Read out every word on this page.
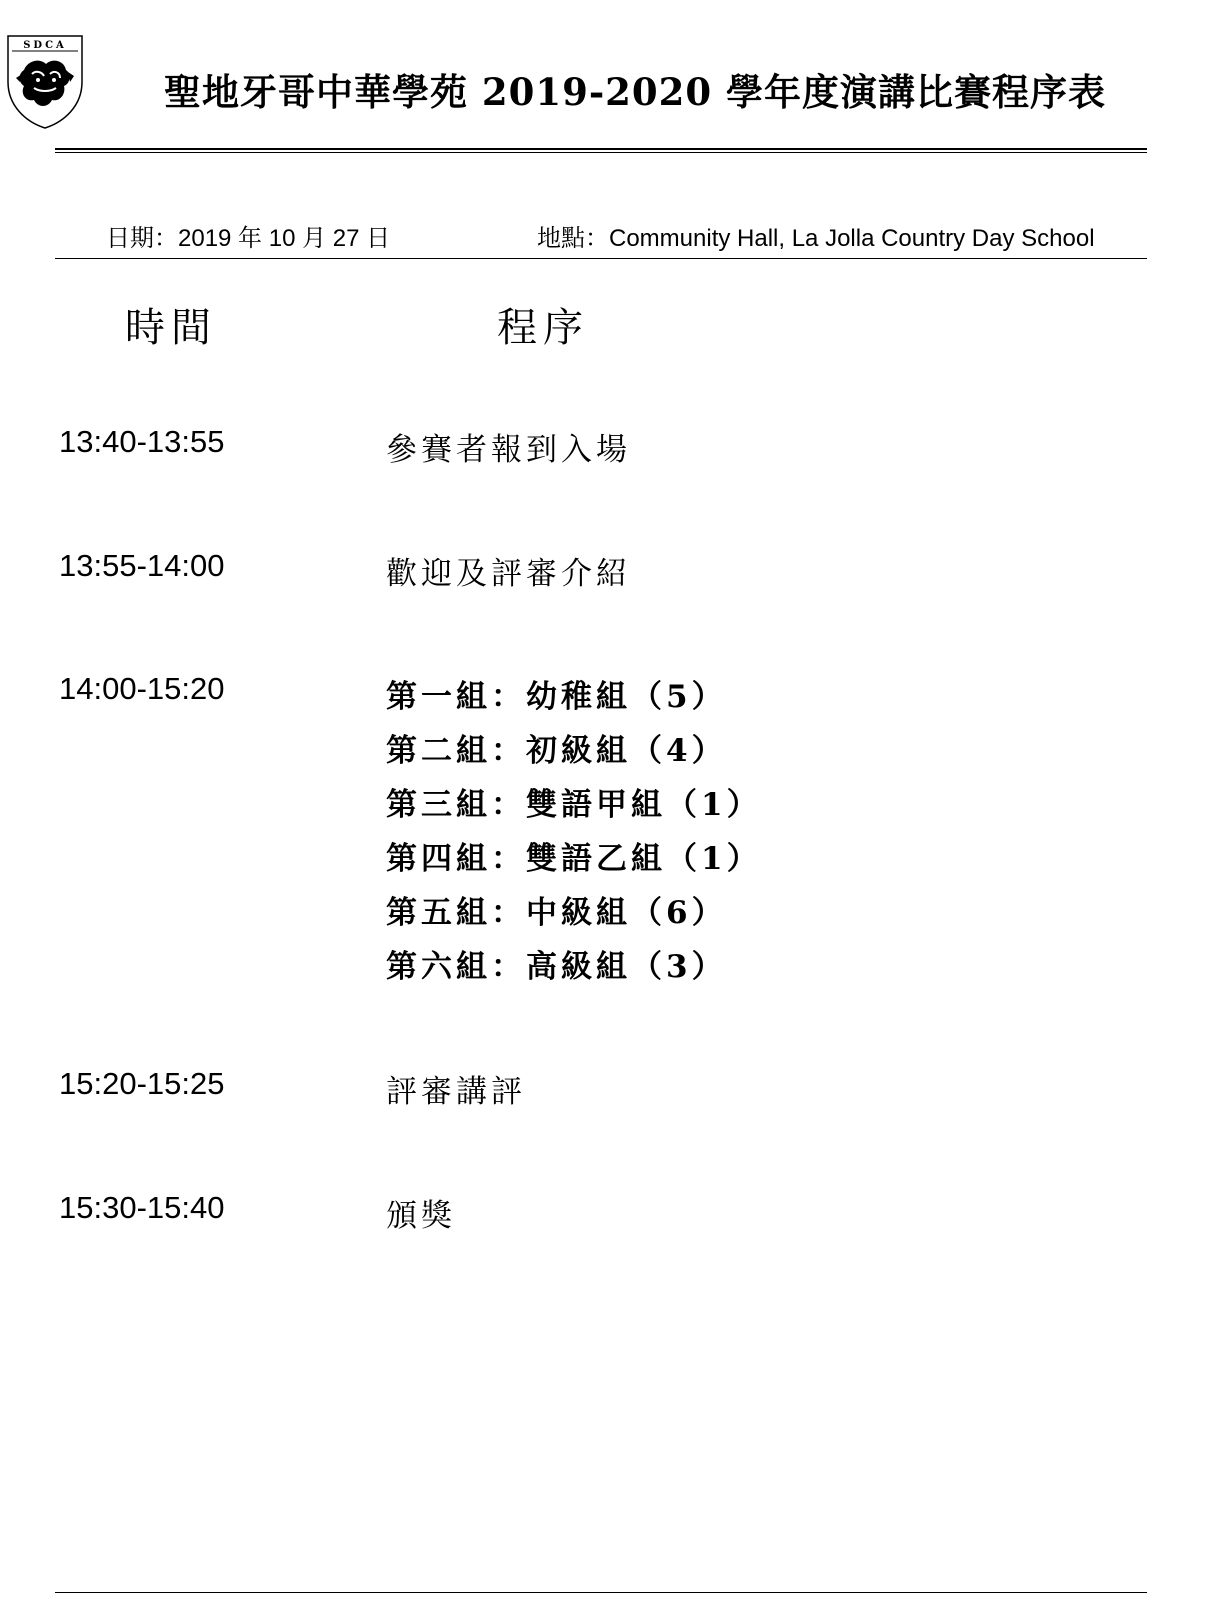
SDCA
聖地牙哥中華學苑 2019-2020 學年度演講比賽程序表
日期：2019 年 10 月 27 日	地點：Community Hall, La Jolla Country Day School
時間	程序
13:40-13:55	參賽者報到入場
13:55-14:00	歡迎及評審介紹
14:00-15:20	第一組：幼稚組（5）
第二組：初級組（4）
第三組：雙語甲組（1）
第四組：雙語乙組（1）
第五組：中級組（6）
第六組：高級組（3）
15:20-15:25	評審講評
15:30-15:40	頒獎
